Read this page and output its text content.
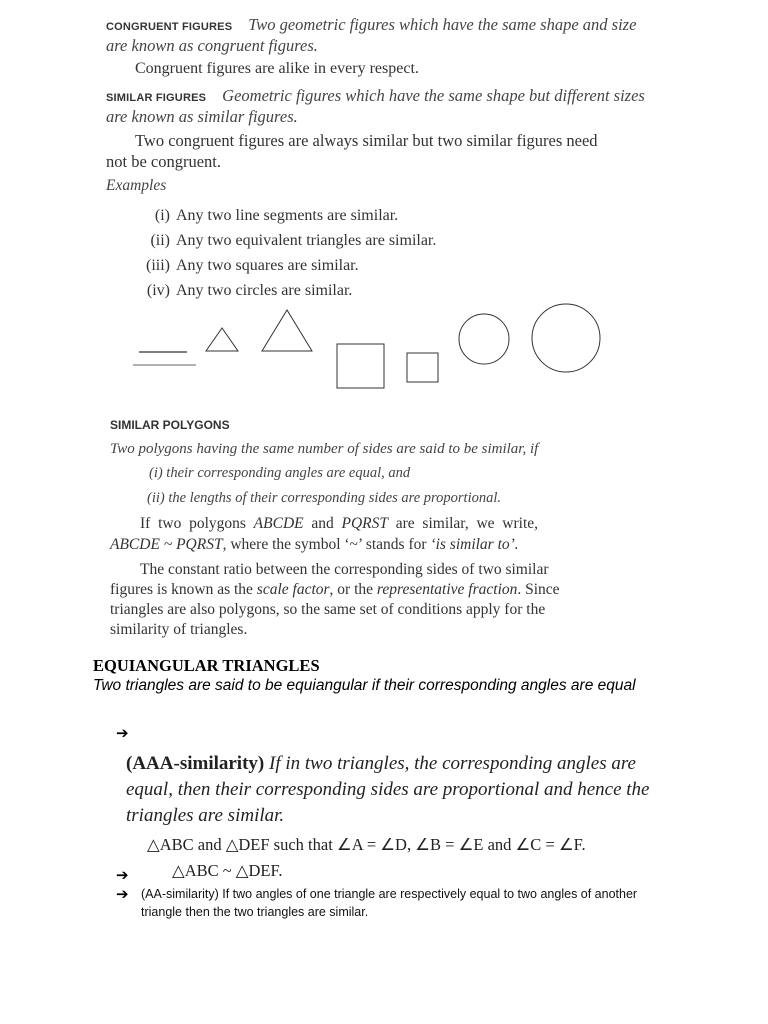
CONGRUENT FIGURES Two geometric figures which have the same shape and size
are known as congruent figures.
Congruent figures are alike in every respect.
SIMILAR FIGURES Geometric figures which have the same shape but different sizes
are known as similar figures.
Two congruent figures are always similar but two similar figures need
not be congruent.
Examples
(i) Any two line segments are similar.
(ii) Any two equivalent triangles are similar.
(iii) Any two squares are similar.
(iv) Any two circles are similar.
SIMILAR POLYGONS
Two polygons having the same number of sides are said to be similar, if
(i) their corresponding angles are equal, and
(ii) the lengths of their corresponding sides are proportional.
If  two  polygons  ABCDE  and  PQRST  are  similar,  we  write,
ABCDE ~ PQRST, where the symbol ‘~’ stands for ‘is similar to’.
The constant ratio between the corresponding sides of two similar
figures is known as the scale factor, or the representative fraction. Since
triangles are also polygons, so the same set of conditions apply for the
similarity of triangles.
EQUIANGULAR TRIANGLES
Two triangles are said to be equiangular if their corresponding angles are equal
➔
(AAA-similarity) If in two triangles, the corresponding angles are
equal, then their corresponding sides are proportional and hence the
triangles are similar.
△ABC and △DEF such that ∠A = ∠D, ∠B = ∠E and ∠C = ∠F.
➔	△ABC ~ △DEF.
➔ (AA-similarity) If two angles of one triangle are respectively equal to two angles of another
triangle then the two triangles are similar.
